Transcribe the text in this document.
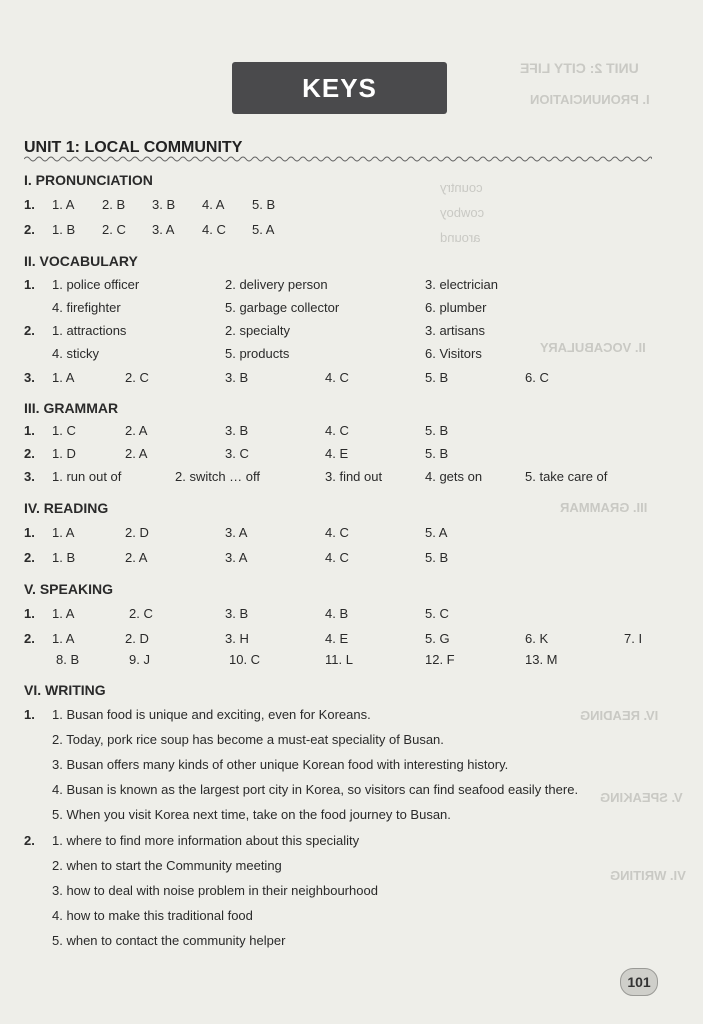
UNIT 2: CITY LIFE
I. PRONUNCIATION
country
cowboy
around
II. VOCABULARY
III. GRAMMAR
IV. READING
V. SPEAKING
VI. WRITING
KEYS
UNIT 1: LOCAL COMMUNITY
I. PRONUNCIATION
1. 1. A 2. B 3. B 4. A 5. B
2. 1. B 2. C 3. A 4. C 5. A
II. VOCABULARY
1. 1. police officer	2. delivery person	3. electrician
4. firefighter	5. garbage collector	6. plumber
2. 1. attractions	2. specialty	3. artisans
4. sticky	5. products	6. Visitors
3. 1. A	2. C	3. B	4. C	5. B	6. C
III. GRAMMAR
1. 1. C	2. A	3. B	4. C	5. B
2. 1. D	2. A	3. C	4. E	5. B
3. 1. run out of	2. switch … off	3. find out	4. gets on	5. take care of
IV. READING
1. 1. A	2. D	3. A	4. C	5. A
2. 1. B	2. A	3. A	4. C	5. B
V. SPEAKING
1. 1. A	2. C	3. B	4. B	5. C
2. 1. A	2. D	3. H	4. E	5. G	6. K	7. I
8. B	9. J	10. C	11. L	12. F	13. M
VI. WRITING
1. 1. Busan food is unique and exciting, even for Koreans.
2. Today, pork rice soup has become a must-eat speciality of Busan.
3. Busan offers many kinds of other unique Korean food with interesting history.
4. Busan is known as the largest port city in Korea, so visitors can find seafood easily there.
5. When you visit Korea next time, take on the food journey to Busan.
2. 1. where to find more information about this speciality
2. when to start the Community meeting
3. how to deal with noise problem in their neighbourhood
4. how to make this traditional food
5. when to contact the community helper
101
